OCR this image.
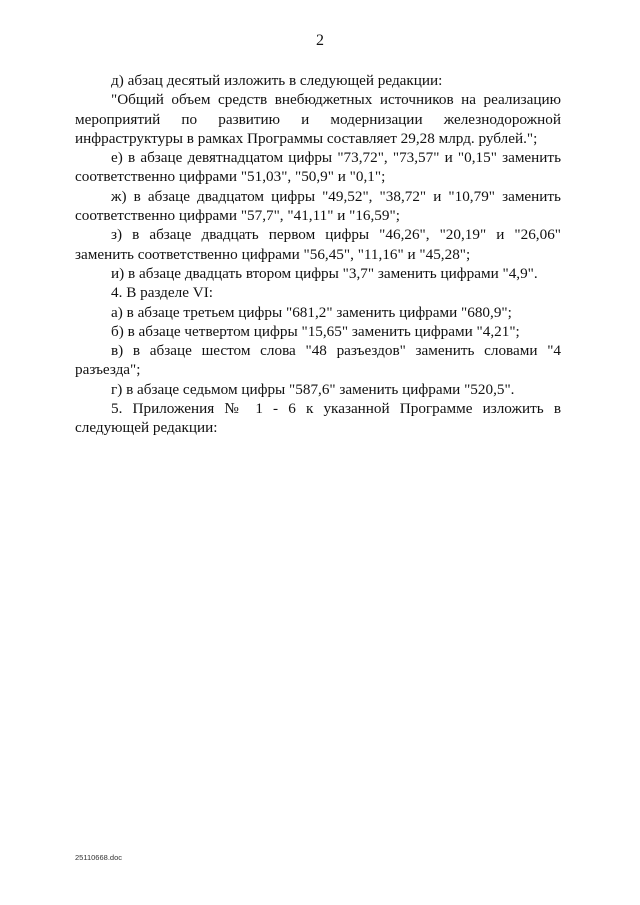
2

д) абзац десятый изложить в следующей редакции:

"Общий объем средств внебюджетных источников на реализацию мероприятий по развитию и модернизации железнодорожной инфраструктуры в рамках Программы составляет 29,28 млрд. рублей.";

е) в абзаце девятнадцатом цифры "73,72", "73,57" и "0,15" заменить соответственно цифрами "51,03", "50,9" и "0,1";

ж) в абзаце двадцатом цифры "49,52", "38,72" и "10,79" заменить соответственно цифрами "57,7", "41,11" и "16,59";

з) в абзаце двадцать первом цифры "46,26", "20,19" и "26,06" заменить соответственно цифрами "56,45", "11,16" и "45,28";

и) в абзаце двадцать втором цифры "3,7" заменить цифрами "4,9".

4. В разделе VI:

а) в абзаце третьем цифры "681,2" заменить цифрами "680,9";

б) в абзаце четвертом цифры "15,65" заменить цифрами "4,21";

в) в абзаце шестом слова "48 разъездов" заменить словами "4 разъезда";

г) в абзаце седьмом цифры "587,6" заменить цифрами "520,5".

5. Приложения № 1 - 6 к указанной Программе изложить в следующей редакции:

25110668.doc
